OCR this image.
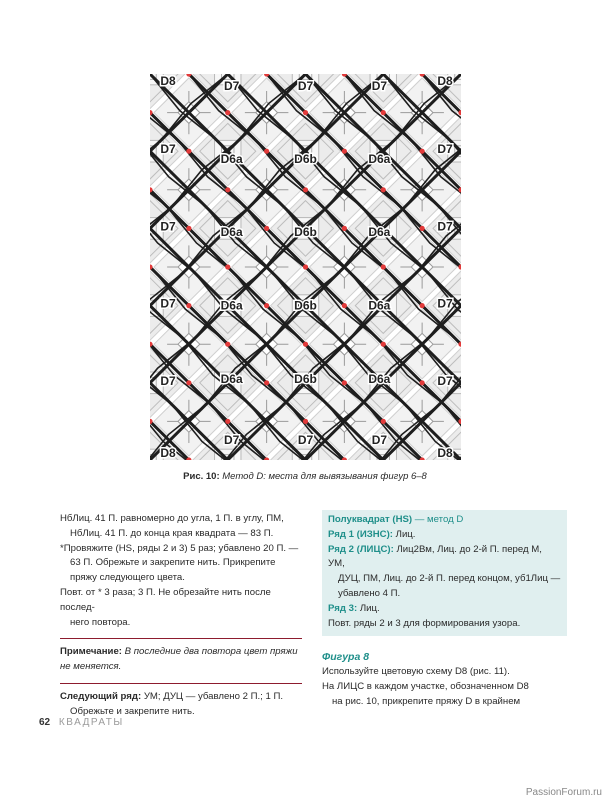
D8	D8
D8	D8
D7	D7	D7
D7	D7	D7
D7	D7
D7	D7
D7	D7
D7	D7
D6a	D6b	D6a
D6a	D6b	D6a
D6a	D6b	D6a
D6a	D6b	D6a
Рис. 10: Метод D: места для вывязывания фигур 6–8

НбЛиц. 41 П. равномерно до угла, 1 П. в углу, ПМ,

НбЛиц. 41 П. до конца края квадрата — 83 П.

*Провяжите (НS, ряды 2 и 3) 5 раз; убавлено 20 П. —

63 П. Обрежьте и закрепите нить. Прикрепите

пряжу следующего цвета.

Повт. от * 3 раза; 3 П. Не обрезайте нить после послед-

него повтора.

Примечание: В последние два повтора цвет пряжи

не меняется.

Следующий ряд: УМ; ДУЦ — убавлено 2 П.; 1 П.

Обрежьте и закрепите нить.

Полуквадрат (НS) — метод D

Ряд 1 (ИЗНС): Лиц.

Ряд 2 (ЛИЦС): Лиц2Вм, Лиц. до 2-й П. перед М, УМ,

ДУЦ, ПМ, Лиц. до 2-й П. перед концом, уб1Лиц —

убавлено 4 П.

Ряд 3: Лиц.

Повт. ряды 2 и 3 для формирования узора.

Фигура 8

Используйте цветовую схему D8 (рис. 11).

На ЛИЦС в каждом участке, обозначенном D8

на рис. 10, прикрепите пряжу D в крайнем

62 КВАДРАТЫ
PassionForum.ru
